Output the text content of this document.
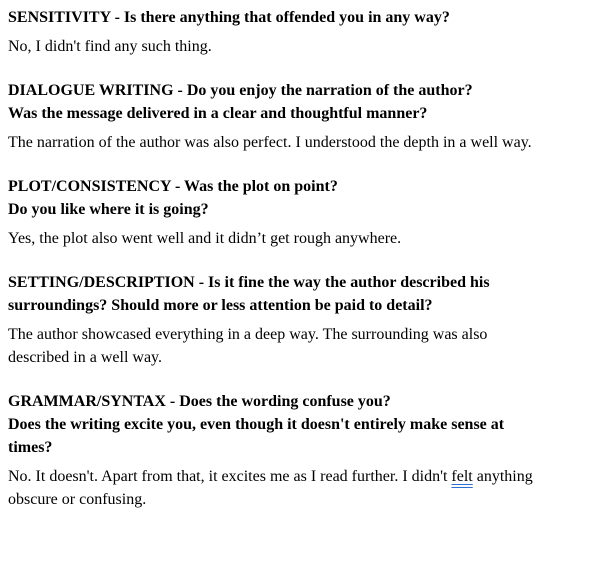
SENSITIVITY - Is there anything that offended you in any way?

No, I didn't find any such thing.

DIALOGUE WRITING - Do you enjoy the narration of the author?
Was the message delivered in a clear and thoughtful manner?

The narration of the author was also perfect. I understood the depth in a well way.

PLOT/CONSISTENCY - Was the plot on point?
Do you like where it is going?

Yes, the plot also went well and it didn’t get rough anywhere.

SETTING/DESCRIPTION - Is it fine the way the author described his
surroundings? Should more or less attention be paid to detail?

The author showcased everything in a deep way. The surrounding was also
described in a well way.

GRAMMAR/SYNTAX - Does the wording confuse you?
Does the writing excite you, even though it doesn't entirely make sense at
times?

No. It doesn't. Apart from that, it excites me as I read further. I didn't felt anything
obscure or confusing.
